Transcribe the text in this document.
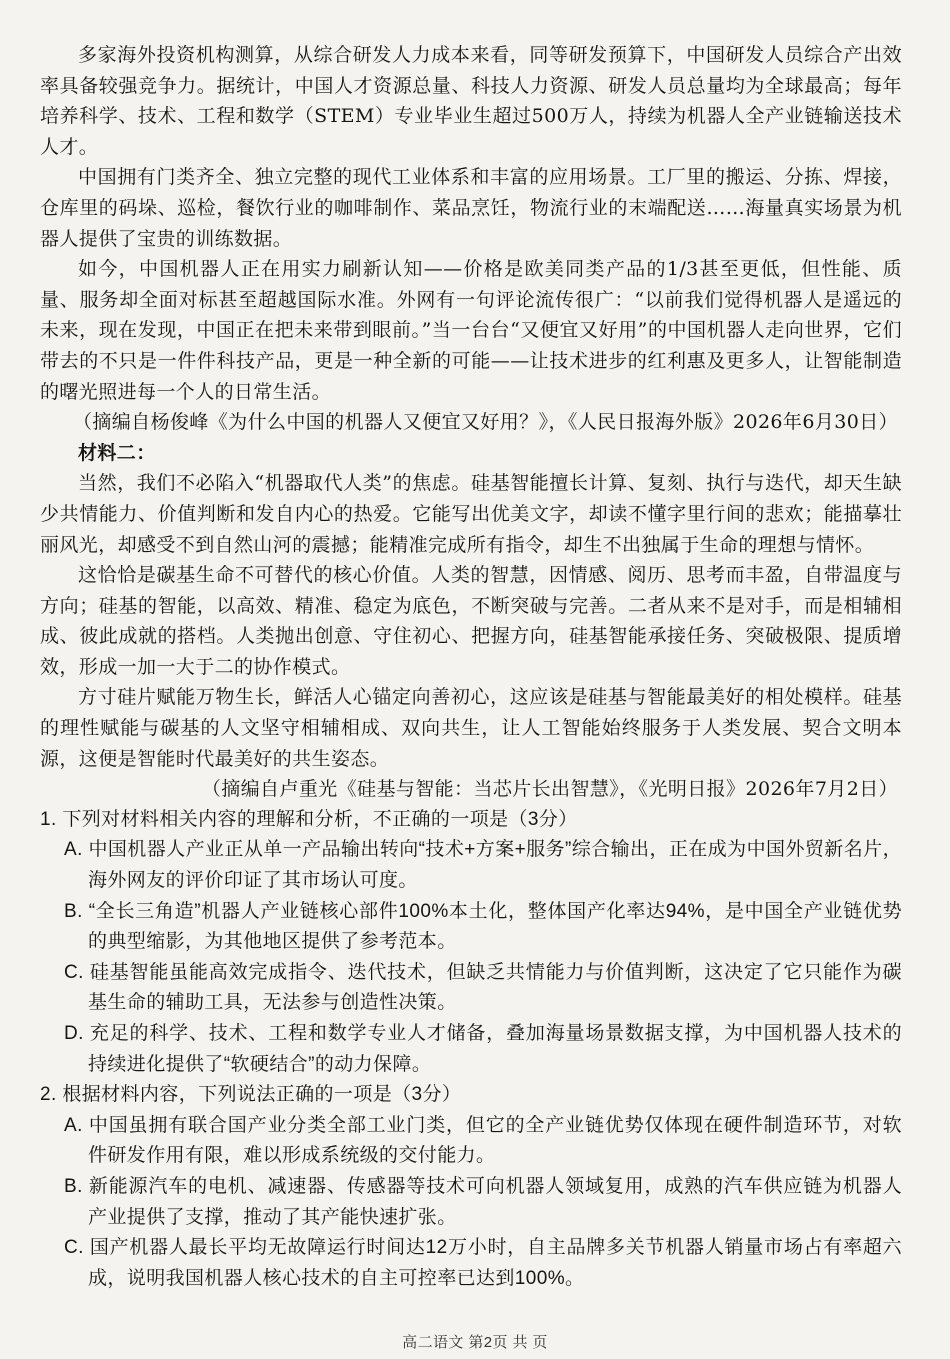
多家海外投资机构测算，从综合研发人力成本来看，同等研发预算下，中国研发人员综合产出效率具备较强竞争力。据统计，中国人才资源总量、科技人力资源、研发人员总量均为全球最高；每年培养科学、技术、工程和数学（STEM）专业毕业生超过500万人，持续为机器人全产业链输送技术人才。

中国拥有门类齐全、独立完整的现代工业体系和丰富的应用场景。工厂里的搬运、分拣、焊接，仓库里的码垛、巡检，餐饮行业的咖啡制作、菜品烹饪，物流行业的末端配送……海量真实场景为机器人提供了宝贵的训练数据。

如今，中国机器人正在用实力刷新认知——价格是欧美同类产品的1/3甚至更低，但性能、质量、服务却全面对标甚至超越国际水准。外网有一句评论流传很广：“以前我们觉得机器人是遥远的未来，现在发现，中国正在把未来带到眼前。”当一台台“又便宜又好用”的中国机器人走向世界，它们带去的不只是一件件科技产品，更是一种全新的可能——让技术进步的红利惠及更多人，让智能制造的曙光照进每一个人的日常生活。

（摘编自杨俊峰《为什么中国的机器人又便宜又好用？》，《人民日报海外版》2026年6月30日）

材料二：

当然，我们不必陷入“机器取代人类”的焦虑。硅基智能擅长计算、复刻、执行与迭代，却天生缺少共情能力、价值判断和发自内心的热爱。它能写出优美文字，却读不懂字里行间的悲欢；能描摹壮丽风光，却感受不到自然山河的震撼；能精准完成所有指令，却生不出独属于生命的理想与情怀。

这恰恰是碳基生命不可替代的核心价值。人类的智慧，因情感、阅历、思考而丰盈，自带温度与方向；硅基的智能，以高效、精准、稳定为底色，不断突破与完善。二者从来不是对手，而是相辅相成、彼此成就的搭档。人类抛出创意、守住初心、把握方向，硅基智能承接任务、突破极限、提质增效，形成一加一大于二的协作模式。

方寸硅片赋能万物生长，鲜活人心锚定向善初心，这应该是硅基与智能最美好的相处模样。硅基的理性赋能与碳基的人文坚守相辅相成、双向共生，让人工智能始终服务于人类发展、契合文明本源，这便是智能时代最美好的共生姿态。

（摘编自卢重光《硅基与智能：当芯片长出智慧》，《光明日报》2026年7月2日）

1. 下列对材料相关内容的理解和分析，不正确的一项是（3分）

A. 中国机器人产业正从单一产品输出转向“技术+方案+服务”综合输出，正在成为中国外贸新名片，海外网友的评价印证了其市场认可度。

B. “全长三角造”机器人产业链核心部件100%本土化，整体国产化率达94%，是中国全产业链优势的典型缩影，为其他地区提供了参考范本。

C. 硅基智能虽能高效完成指令、迭代技术，但缺乏共情能力与价值判断，这决定了它只能作为碳基生命的辅助工具，无法参与创造性决策。

D. 充足的科学、技术、工程和数学专业人才储备，叠加海量场景数据支撑，为中国机器人技术的持续进化提供了“软硬结合”的动力保障。

2. 根据材料内容，下列说法正确的一项是（3分）

A. 中国虽拥有联合国产业分类全部工业门类，但它的全产业链优势仅体现在硬件制造环节，对软件研发作用有限，难以形成系统级的交付能力。

B. 新能源汽车的电机、减速器、传感器等技术可向机器人领域复用，成熟的汽车供应链为机器人产业提供了支撑，推动了其产能快速扩张。

C. 国产机器人最长平均无故障运行时间达12万小时，自主品牌多关节机器人销量市场占有率超六成，说明我国机器人核心技术的自主可控率已达到100%。

高二语文 第2页 共 页
